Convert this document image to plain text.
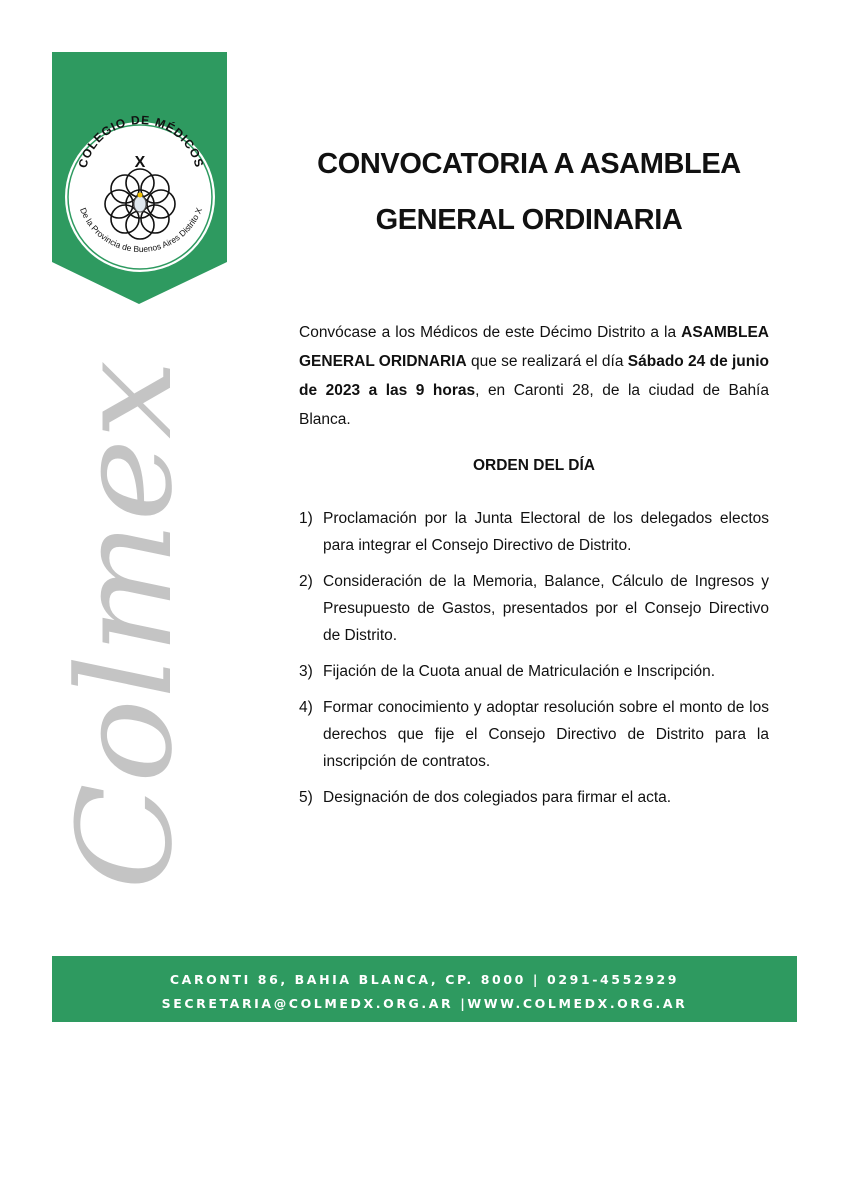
COLEGIO DE MÉDICOS
De la Provincia de Buenos Aires Distrito X
X
Colmex
CONVOCATORIA A ASAMBLEA
GENERAL ORDINARIA
Convócase a los Médicos de este Décimo Distrito a la ASAMBLEA GENERAL ORIDNARIA que se realizará el día Sábado 24 de junio de 2023 a las 9 horas, en Caronti 28, de la ciudad de Bahía Blanca.
ORDEN DEL DÍA
1) Proclamación por la Junta Electoral de los delegados electos para integrar el Consejo Directivo de Distrito.
2) Consideración de la Memoria, Balance, Cálculo de Ingresos y Presupuesto de Gastos, presentados por el Consejo Directivo de Distrito.
3) Fijación de la Cuota anual de Matriculación e Inscripción.
4) Formar conocimiento y adoptar resolución sobre el monto de los derechos que fije el Consejo Directivo de Distrito para la inscripción de contratos.
5) Designación de dos colegiados para firmar el acta.
CARONTI 86, BAHIA BLANCA, CP. 8000 | 0291-4552929
SECRETARIA@COLMEDX.ORG.AR |WWW.COLMEDX.ORG.AR
